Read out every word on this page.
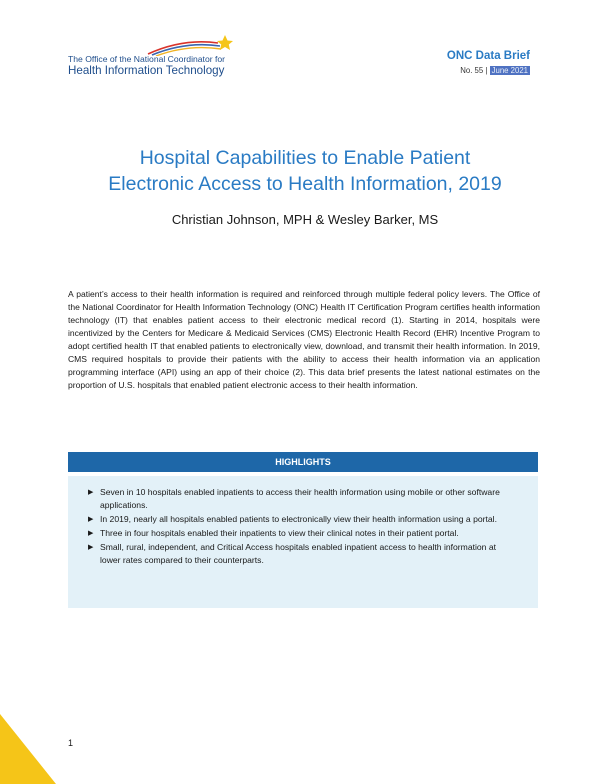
The Office of the National Coordinator for
Health Information Technology
ONC Data Brief
No. 55 | June 2021
Hospital Capabilities to Enable Patient
Electronic Access to Health Information, 2019
Christian Johnson, MPH & Wesley Barker, MS

A patient’s access to their health information is required and reinforced through multiple federal policy levers. The Office of the National Coordinator for Health Information Technology (ONC) Health IT Certification Program certifies health information technology (IT) that enables patient access to their electronic medical record (1). Starting in 2014, hospitals were incentivized by the Centers for Medicare & Medicaid Services (CMS) Electronic Health Record (EHR) Incentive Program to adopt certified health IT that enabled patients to electronically view, download, and transmit their health information. In 2019, CMS required hospitals to provide their patients with the ability to access their health information via an application programming interface (API) using an app of their choice (2). This data brief presents the latest national estimates on the proportion of U.S. hospitals that enabled patient electronic access to their health information.

HIGHLIGHTS
▶ Seven in 10 hospitals enabled inpatients to access their health information using mobile or other software applications.
▶ In 2019, nearly all hospitals enabled patients to electronically view their health information using a portal.
▶ Three in four hospitals enabled their inpatients to view their clinical notes in their patient portal.
▶ Small, rural, independent, and Critical Access hospitals enabled inpatient access to health information at lower rates compared to their counterparts.
1
